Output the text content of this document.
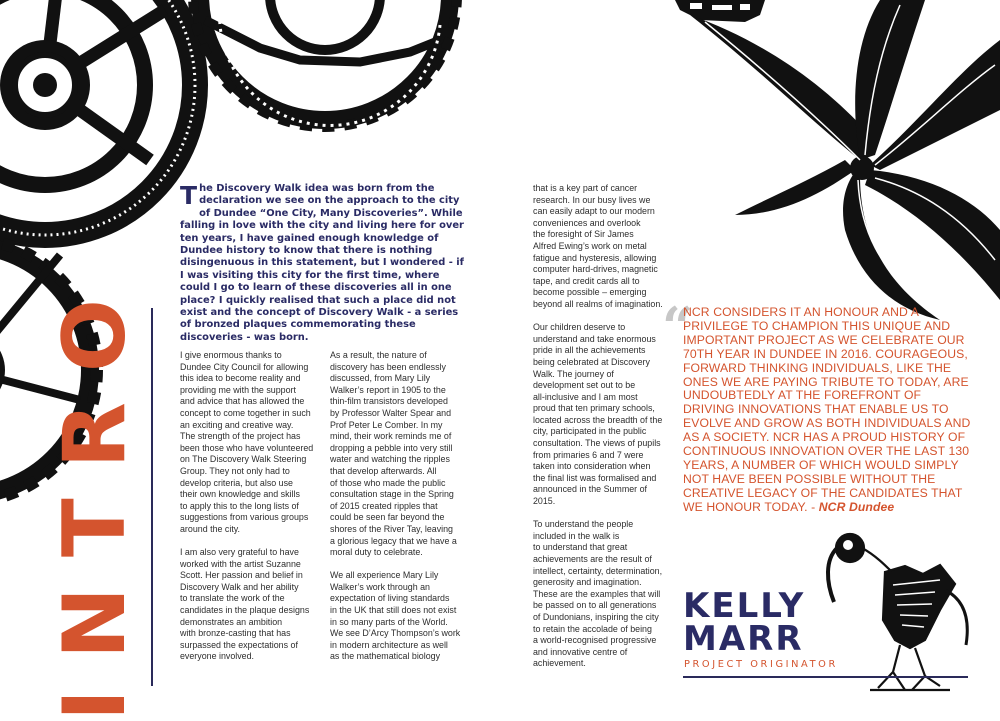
INTRO

The Discovery Walk idea was born from the declaration we see on the approach to the city of Dundee “One City, Many Discoveries”. While falling in love with the city and living here for over ten years, I have gained enough knowledge of Dundee history to know that there is nothing disingenuous in this statement, but I wondered - if I was visiting this city for the first time, where could I go to learn of these discoveries all in one place? I quickly realised that such a place did not exist and the concept of Discovery Walk - a series of bronzed plaques commemorating these discoveries - was born.

I give enormous thanks to
Dundee City Council for allowing
this idea to become reality and
providing me with the support
and advice that has allowed the
concept to come together in such
an exciting and creative way.
The strength of the project has
been those who have volunteered
on The Discovery Walk Steering
Group. They not only had to
develop criteria, but also use
their own knowledge and skills
to apply this to the long lists of
suggestions from various groups
around the city.

I am also very grateful to have
worked with the artist Suzanne
Scott. Her passion and belief in
Discovery Walk and her ability
to translate the work of the
candidates in the plaque designs
demonstrates an ambition
with bronze-casting that has
surpassed the expectations of
everyone involved.

As a result, the nature of
discovery has been endlessly
discussed, from Mary Lily
Walker’s report in 1905 to the
thin-film transistors developed
by Professor Walter Spear and
Prof Peter Le Comber. In my
mind, their work reminds me of
dropping a pebble into very still
water and watching the ripples
that develop afterwards. All
of those who made the public
consultation stage in the Spring
of 2015 created ripples that
could be seen far beyond the
shores of the River Tay, leaving
a glorious legacy that we have a
moral duty to celebrate.

We all experience Mary Lily
Walker’s work through an
expectation of living standards
in the UK that still does not exist
in so many parts of the World.
We see D’Arcy Thompson’s work
in modern architecture as well
as the mathematical biology

that is a key part of cancer
research. In our busy lives we
can easily adapt to our modern
conveniences and overlook
the foresight of Sir James
Alfred Ewing’s work on metal
fatigue and hysteresis, allowing
computer hard-drives, magnetic
tape, and credit cards all to
become possible – emerging
beyond all realms of imagination.

Our children deserve to
understand and take enormous
pride in all the achievements
being celebrated at Discovery
Walk. The journey of
development set out to be
all-inclusive and I am most
proud that ten primary schools,
located across the breadth of the
city, participated in the public
consultation. The views of pupils
from primaries 6 and 7 were
taken into consideration when
the final list was formalised and
announced in the Summer of
2015.

To understand the people
included in the walk is
to understand that great
achievements are the result of
intellect, certainty, determination,
generosity and imagination.
These are the examples that will
be passed on to all generations
of Dundonians, inspiring the city
to retain the accolade of being
a world-recognised progressive
and innovative centre of
achievement.

“

NCR CONSIDERS IT AN HONOUR AND A PRIVILEGE TO CHAMPION THIS UNIQUE AND IMPORTANT PROJECT AS WE CELEBRATE OUR 70TH YEAR IN DUNDEE IN 2016. COURAGEOUS, FORWARD THINKING INDIVIDUALS, LIKE THE ONES WE ARE PAYING TRIBUTE TO TODAY, ARE UNDOUBTEDLY AT THE FOREFRONT OF DRIVING INNOVATIONS THAT ENABLE US TO EVOLVE AND GROW AS BOTH INDIVIDUALS AND AS A SOCIETY. NCR HAS A PROUD HISTORY OF CONTINUOUS INNOVATION OVER THE LAST 130 YEARS, A NUMBER OF WHICH WOULD SIMPLY NOT HAVE BEEN POSSIBLE WITHOUT THE CREATIVE LEGACY OF THE CANDIDATES THAT WE HONOUR TODAY. - NCR Dundee

KELLY
MARR
PROJECT ORIGINATOR
